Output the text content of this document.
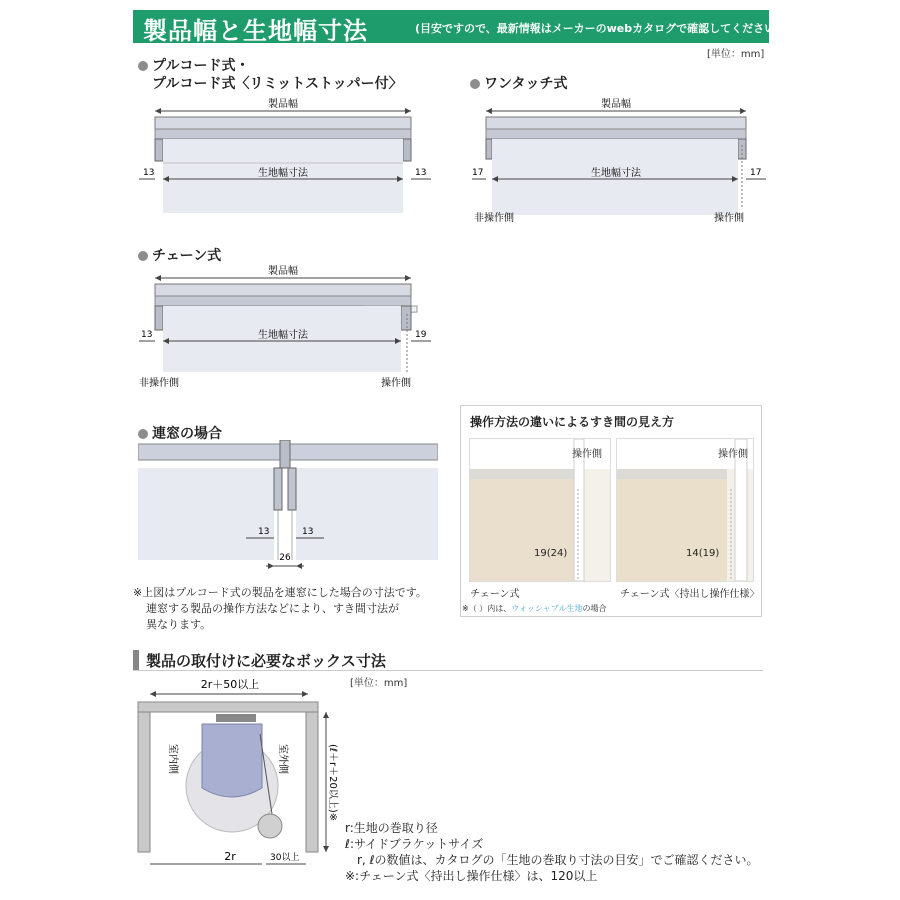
製品幅と生地幅寸法	(目安ですので、最新情報はメーカーのwebカタログで確認してください)
[単位：mm]
プルコード式・
プルコード式〈リミットストッパー付〉	ワンタッチ式
製品幅
生地幅寸法
13	13
製品幅
生地幅寸法
17	17
非操作側	操作側
チェーン式
製品幅
生地幅寸法
13	19
非操作側	操作側
連窓の場合
13	13
26
※上図はプルコード式の製品を連窓にした場合の寸法です。
連窓する製品の操作方法などにより、すき間寸法が
異なります。
操作方法の違いによるすき間の見え方
操作側
19(24)
チェーン式
操作側
14(19)
チェーン式〈持出し操作仕様〉
※（ ）内は、ウォッシャブル生地の場合
製品の取付けに必要なボックス寸法
[単位：mm]
2r＋50以上
室内側	室外側	(ℓ＋r＋20以上)※
2r	30以上
r:生地の巻取り径
ℓ:サイドブラケットサイズ
r, ℓの数値は、カタログの「生地の巻取り寸法の目安」でご確認ください。
※:チェーン式〈持出し操作仕様〉は、120以上
